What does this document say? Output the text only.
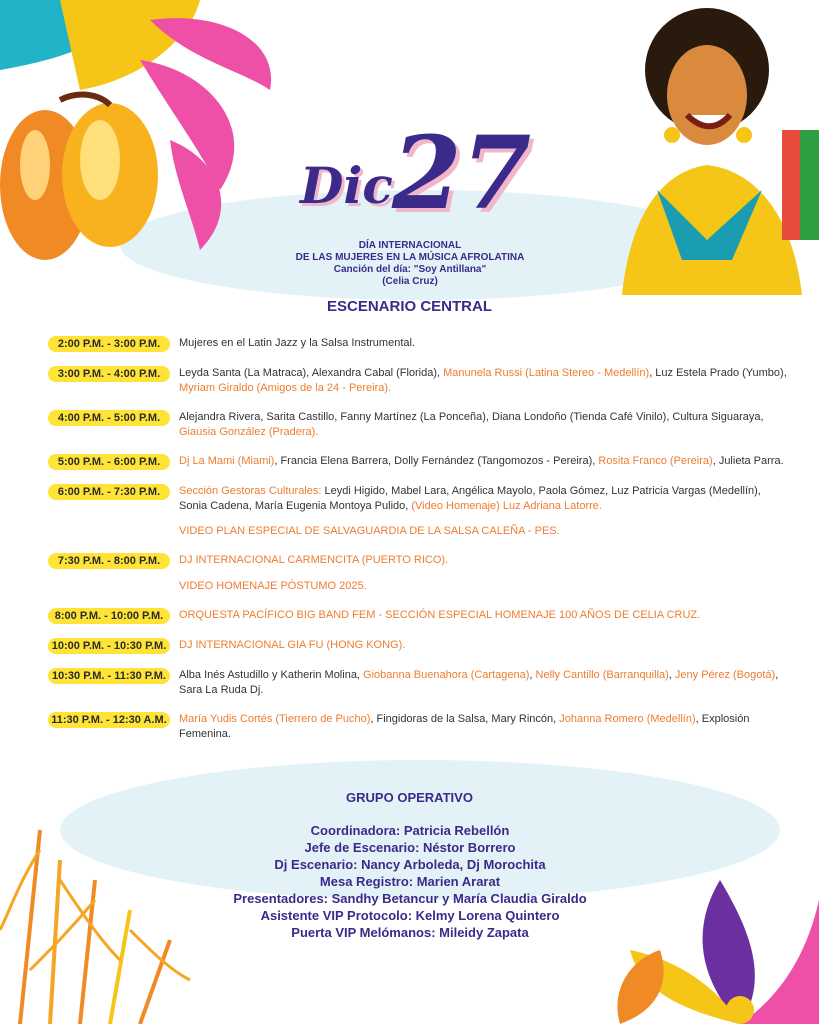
Dic 27
DÍA INTERNACIONAL
DE LAS MUJERES EN LA MÚSICA AFROLATINA
Canción del día: "Soy Antillana"
(Celia Cruz)
ESCENARIO CENTRAL
2:00 P.M. - 3:00 P.M.	Mujeres en el Latin Jazz y la Salsa Instrumental.
3:00 P.M. - 4:00 P.M.	Leyda Santa (La Matraca), Alexandra Cabal (Florida), Manunela Russi (Latina Stereo - Medellín), Luz Estela Prado (Yumbo), Myriam Giraldo (Amigos de la 24 - Pereira).
4:00 P.M. - 5:00 P.M.	Alejandra Rivera, Sarita Castillo, Fanny Martínez (La Ponceña), Diana Londoño (Tienda Café Vinilo), Cultura Siguaraya, Giausia González (Pradera).
5:00 P.M. - 6:00 P.M.	Dj La Mami (Miami), Francia Elena Barrera, Dolly Fernández (Tangomozos - Pereira), Rosita Franco (Pereira), Julieta Parra.
6:00 P.M. - 7:30 P.M.	Sección Gestoras Culturales: Leydi Higido, Mabel Lara, Angélica Mayolo, Paola Gómez, Luz Patricia Vargas (Medellín), Sonia Cadena, María Eugenia Montoya Pulido, (Video Homenaje) Luz Adriana Latorre.
VIDEO PLAN ESPECIAL DE SALVAGUARDIA DE LA SALSA CALEÑA - PES.
7:30 P.M. - 8:00 P.M.	DJ INTERNACIONAL CARMENCITA (PUERTO RICO).
VIDEO HOMENAJE PÓSTUMO 2025.
8:00 P.M. - 10:00 P.M.	ORQUESTA PACÍFICO BIG BAND FEM - SECCIÓN ESPECIAL HOMENAJE 100 AÑOS DE CELIA CRUZ.
10:00 P.M. - 10:30 P.M.	DJ INTERNACIONAL GIA FU (HONG KONG).
10:30 P.M. - 11:30 P.M.	Alba Inés Astudillo y Katherin Molina, Giobanna Buenahora (Cartagena), Nelly Cantillo (Barranquilla), Jeny Pérez (Bogotá), Sara La Ruda Dj.
11:30 P.M. - 12:30 A.M. María Yudis Cortés (Tierrero de Pucho), Fingidoras de la Salsa, Mary Rincón, Johanna Romero (Medellín), Explosión Femenina.
GRUPO OPERATIVO
Coordinadora: Patricia Rebellón
Jefe de Escenario: Néstor Borrero
Dj Escenario: Nancy Arboleda, Dj Morochita
Mesa Registro: Marien Ararat
Presentadores: Sandhy Betancur y María Claudia Giraldo
Asistente VIP Protocolo: Kelmy Lorena Quintero
Puerta VIP Melómanos: Mileidy Zapata
